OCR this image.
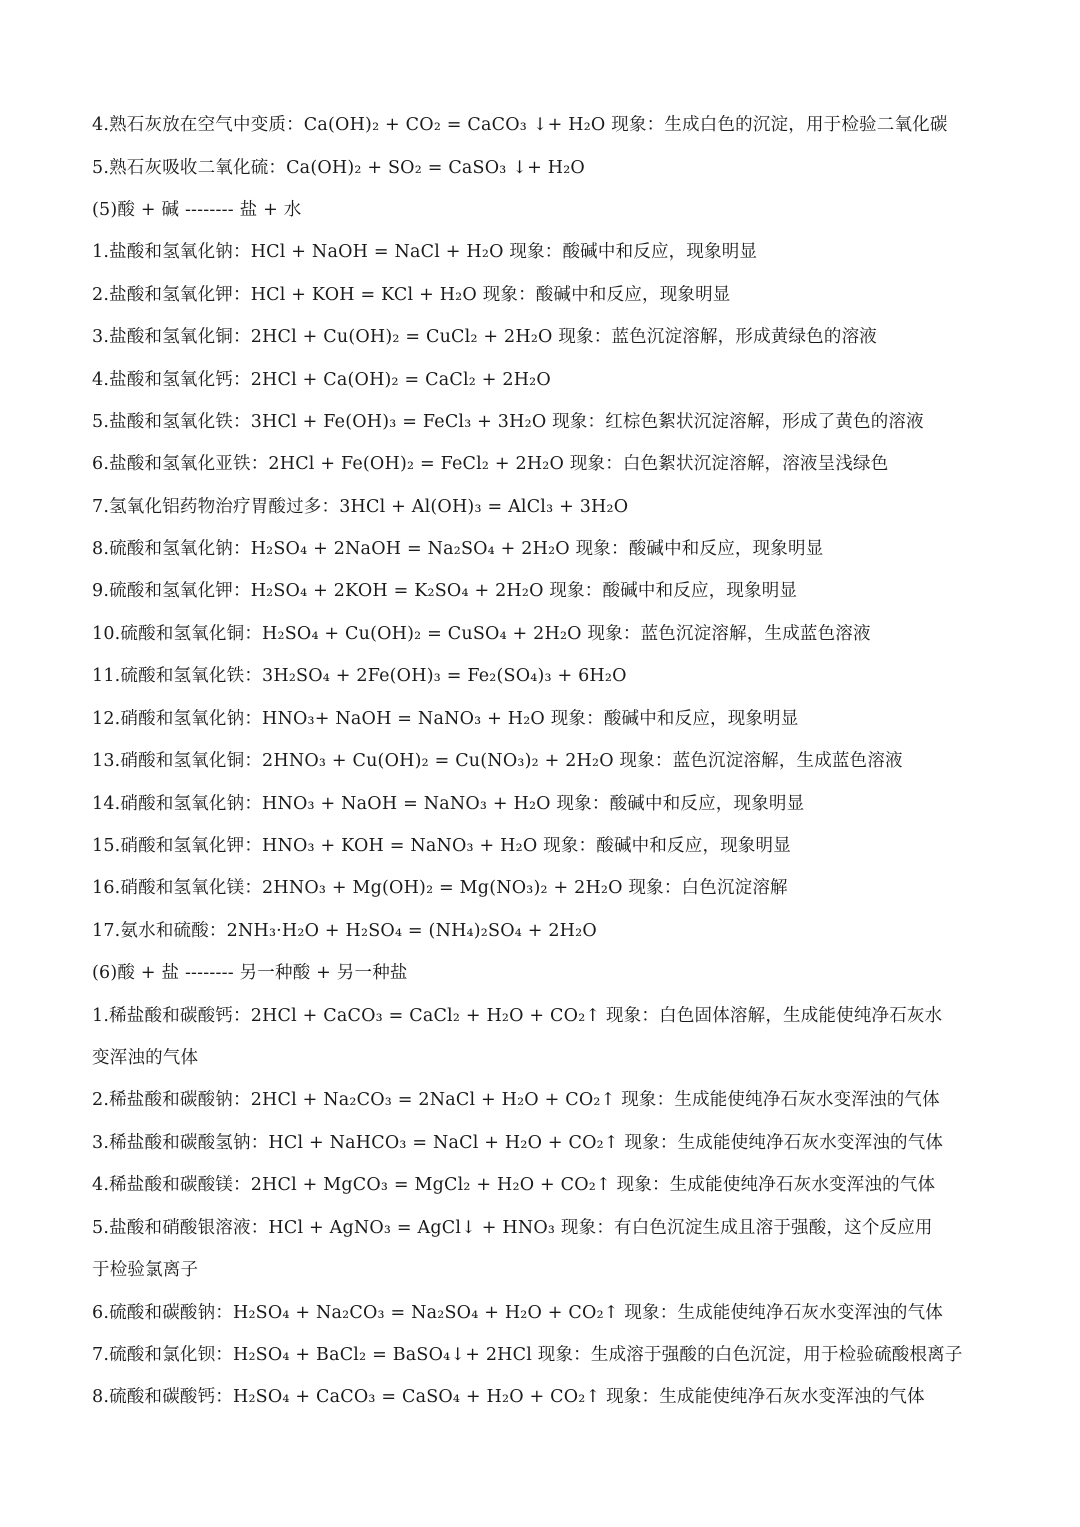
4.熟石灰放在空气中变质：Ca(OH)₂ + CO₂ = CaCO₃ ↓+ H₂O 现象：生成白色的沉淀，用于检验二氧化碳
5.熟石灰吸收二氧化硫：Ca(OH)₂ + SO₂ = CaSO₃ ↓+ H₂O
(5)酸 + 碱 -------- 盐 + 水
1.盐酸和氢氧化钠：HCl + NaOH = NaCl + H₂O 现象：酸碱中和反应，现象明显
2.盐酸和氢氧化钾：HCl + KOH = KCl + H₂O 现象：酸碱中和反应，现象明显
3.盐酸和氢氧化铜：2HCl + Cu(OH)₂ = CuCl₂ + 2H₂O 现象：蓝色沉淀溶解，形成黄绿色的溶液
4.盐酸和氢氧化钙：2HCl + Ca(OH)₂ = CaCl₂ + 2H₂O
5.盐酸和氢氧化铁：3HCl + Fe(OH)₃ = FeCl₃ + 3H₂O 现象：红棕色絮状沉淀溶解，形成了黄色的溶液
6.盐酸和氢氧化亚铁：2HCl + Fe(OH)₂ = FeCl₂ + 2H₂O 现象：白色絮状沉淀溶解，溶液呈浅绿色
7.氢氧化铝药物治疗胃酸过多：3HCl + Al(OH)₃ = AlCl₃ + 3H₂O
8.硫酸和氢氧化钠：H₂SO₄ + 2NaOH = Na₂SO₄ + 2H₂O 现象：酸碱中和反应，现象明显
9.硫酸和氢氧化钾：H₂SO₄ + 2KOH = K₂SO₄ + 2H₂O 现象：酸碱中和反应，现象明显
10.硫酸和氢氧化铜：H₂SO₄ + Cu(OH)₂ = CuSO₄ + 2H₂O 现象：蓝色沉淀溶解，生成蓝色溶液
11.硫酸和氢氧化铁：3H₂SO₄ + 2Fe(OH)₃ = Fe₂(SO₄)₃ + 6H₂O
12.硝酸和氢氧化钠：HNO₃+ NaOH = NaNO₃ + H₂O 现象：酸碱中和反应，现象明显
13.硝酸和氢氧化铜：2HNO₃ + Cu(OH)₂ = Cu(NO₃)₂ + 2H₂O 现象：蓝色沉淀溶解，生成蓝色溶液
14.硝酸和氢氧化钠：HNO₃ + NaOH = NaNO₃ + H₂O 现象：酸碱中和反应，现象明显
15.硝酸和氢氧化钾：HNO₃ + KOH = NaNO₃ + H₂O 现象：酸碱中和反应，现象明显
16.硝酸和氢氧化镁：2HNO₃ + Mg(OH)₂ = Mg(NO₃)₂ + 2H₂O 现象：白色沉淀溶解
17.氨水和硫酸：2NH₃·H₂O + H₂SO₄ = (NH₄)₂SO₄ + 2H₂O
(6)酸 + 盐 -------- 另一种酸 + 另一种盐
1.稀盐酸和碳酸钙：2HCl + CaCO₃ = CaCl₂ + H₂O + CO₂↑ 现象：白色固体溶解，生成能使纯净石灰水
变浑浊的气体
2.稀盐酸和碳酸钠：2HCl + Na₂CO₃ = 2NaCl + H₂O + CO₂↑ 现象：生成能使纯净石灰水变浑浊的气体
3.稀盐酸和碳酸氢钠：HCl + NaHCO₃ = NaCl + H₂O + CO₂↑ 现象：生成能使纯净石灰水变浑浊的气体
4.稀盐酸和碳酸镁：2HCl + MgCO₃ = MgCl₂ + H₂O + CO₂↑ 现象：生成能使纯净石灰水变浑浊的气体
5.盐酸和硝酸银溶液：HCl + AgNO₃ = AgCl↓ + HNO₃ 现象：有白色沉淀生成且溶于强酸，这个反应用
于检验氯离子
6.硫酸和碳酸钠：H₂SO₄ + Na₂CO₃ = Na₂SO₄ + H₂O + CO₂↑ 现象：生成能使纯净石灰水变浑浊的气体
7.硫酸和氯化钡：H₂SO₄ + BaCl₂ = BaSO₄↓+ 2HCl 现象：生成溶于强酸的白色沉淀，用于检验硫酸根离子
8.硫酸和碳酸钙：H₂SO₄ + CaCO₃ = CaSO₄ + H₂O + CO₂↑ 现象：生成能使纯净石灰水变浑浊的气体
